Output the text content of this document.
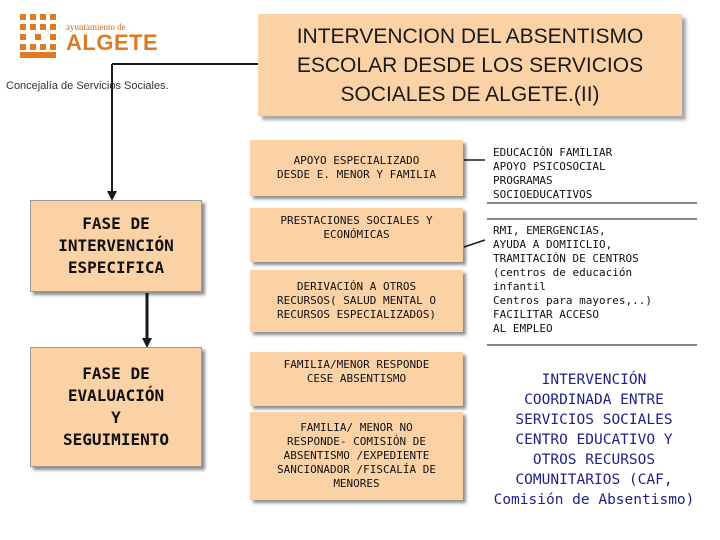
ayuntamiento de
ALGETE
Concejalía de Servicios Sociales.
INTERVENCION DEL ABSENTISMO ESCOLAR DESDE LOS SERVICIOS SOCIALES DE ALGETE.(II)
FASE DE
INTERVENCIÓN
ESPECIFICA
FASE DE
EVALUACIÓN
Y
SEGUIMIENTO
APOYO ESPECIALIZADO
DESDE E. MENOR Y FAMILIA
PRESTACIONES SOCIALES Y
ECONÓMICAS
DERIVACIÓN A OTROS
RECURSOS( SALUD MENTAL O
RECURSOS ESPECIALIZADOS)
FAMILIA/MENOR RESPONDE
CESE ABSENTISMO
FAMILIA/ MENOR NO
RESPONDE- COMISIÓN DE
ABSENTISMO /EXPEDIENTE
SANCIONADOR /FISCALÍA DE
MENORES
EDUCACIÓN FAMILIAR
APOYO PSICOSOCIAL
PROGRAMAS
SOCIOEDUCATIVOS
RMI, EMERGENCIAS,
AYUDA A DOMIICLIO,
TRAMITACIÓN DE CENTROS
(centros de educación infantil
Centros para mayores,..)
FACILITAR ACCESO
AL EMPLEO
INTERVENCIÓN
COORDINADA ENTRE
SERVICIOS SOCIALES
CENTRO EDUCATIVO Y
OTROS RECURSOS
COMUNITARIOS (CAF,
Comisión de Absentismo)
